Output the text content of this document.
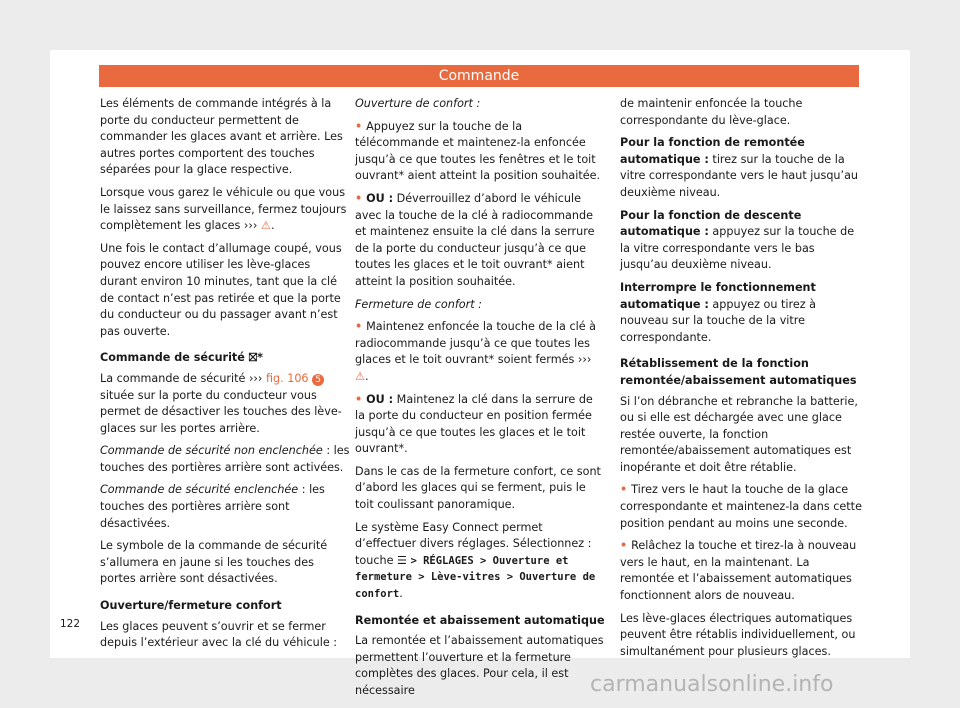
Commande

Les éléments de commande intégrés à la porte du conducteur permettent de commander les glaces avant et arrière. Les autres portes comportent des touches séparées pour la glace respective.

Lorsque vous garez le véhicule ou que vous le laissez sans surveillance, fermez toujours complètement les glaces ››› ⚠.

Une fois le contact d’allumage coupé, vous pouvez encore utiliser les lève-glaces durant environ 10 minutes, tant que la clé de contact n’est pas retirée et que la porte du conducteur ou du passager avant n’est pas ouverte.

Commande de sécurité ⛝*

La commande de sécurité ››› fig. 106 5 située sur la porte du conducteur vous permet de désactiver les touches des lève-glaces sur les portes arrière.

Commande de sécurité non enclenchée : les touches des portières arrière sont activées.

Commande de sécurité enclenchée : les touches des portières arrière sont désactivées.

Le symbole de la commande de sécurité s’allumera en jaune si les touches des portes arrière sont désactivées.

Ouverture/fermeture confort

Les glaces peuvent s’ouvrir et se fermer depuis l’extérieur avec la clé du véhicule :

Ouverture de confort :

• Appuyez sur la touche de la télécommande et maintenez-la enfoncée jusqu’à ce que toutes les fenêtres et le toit ouvrant* aient atteint la position souhaitée.

• OU : Déverrouillez d’abord le véhicule avec la touche de la clé à radiocommande et maintenez ensuite la clé dans la serrure de la porte du conducteur jusqu’à ce que toutes les glaces et le toit ouvrant* aient atteint la position souhaitée.

Fermeture de confort :

• Maintenez enfoncée la touche de la clé à radiocommande jusqu’à ce que toutes les glaces et le toit ouvrant* soient fermés ››› ⚠.

• OU : Maintenez la clé dans la serrure de la porte du conducteur en position fermée jusqu’à ce que toutes les glaces et le toit ouvrant*.

Dans le cas de la fermeture confort, ce sont d’abord les glaces qui se ferment, puis le toit coulissant panoramique.

Le système Easy Connect permet d’effectuer divers réglages. Sélectionnez : touche ☰ > RÉGLAGES > Ouverture et fermeture > Lève-vitres > Ouverture de confort.

Remontée et abaissement automatique

La remontée et l’abaissement automatiques permettent l’ouverture et la fermeture complètes des glaces. Pour cela, il est nécessaire

de maintenir enfoncée la touche correspondante du lève-glace.

Pour la fonction de remontée automatique : tirez sur la touche de la vitre correspondante vers le haut jusqu’au deuxième niveau.

Pour la fonction de descente automatique : appuyez sur la touche de la vitre correspondante vers le bas jusqu’au deuxième niveau.

Interrompre le fonctionnement automatique : appuyez ou tirez à nouveau sur la touche de la vitre correspondante.

Rétablissement de la fonction remontée/abaissement automatiques

Si l’on débranche et rebranche la batterie, ou si elle est déchargée avec une glace restée ouverte, la fonction remontée/abaissement automatiques est inopérante et doit être rétablie.

• Tirez vers le haut la touche de la glace correspondante et maintenez-la dans cette position pendant au moins une seconde.

• Relâchez la touche et tirez-la à nouveau vers le haut, en la maintenant. La remontée et l’abaissement automatiques fonctionnent alors de nouveau.

Les lève-glaces électriques automatiques peuvent être rétablis individuellement, ou simultanément pour plusieurs glaces.

122
carmanualsonline.info
